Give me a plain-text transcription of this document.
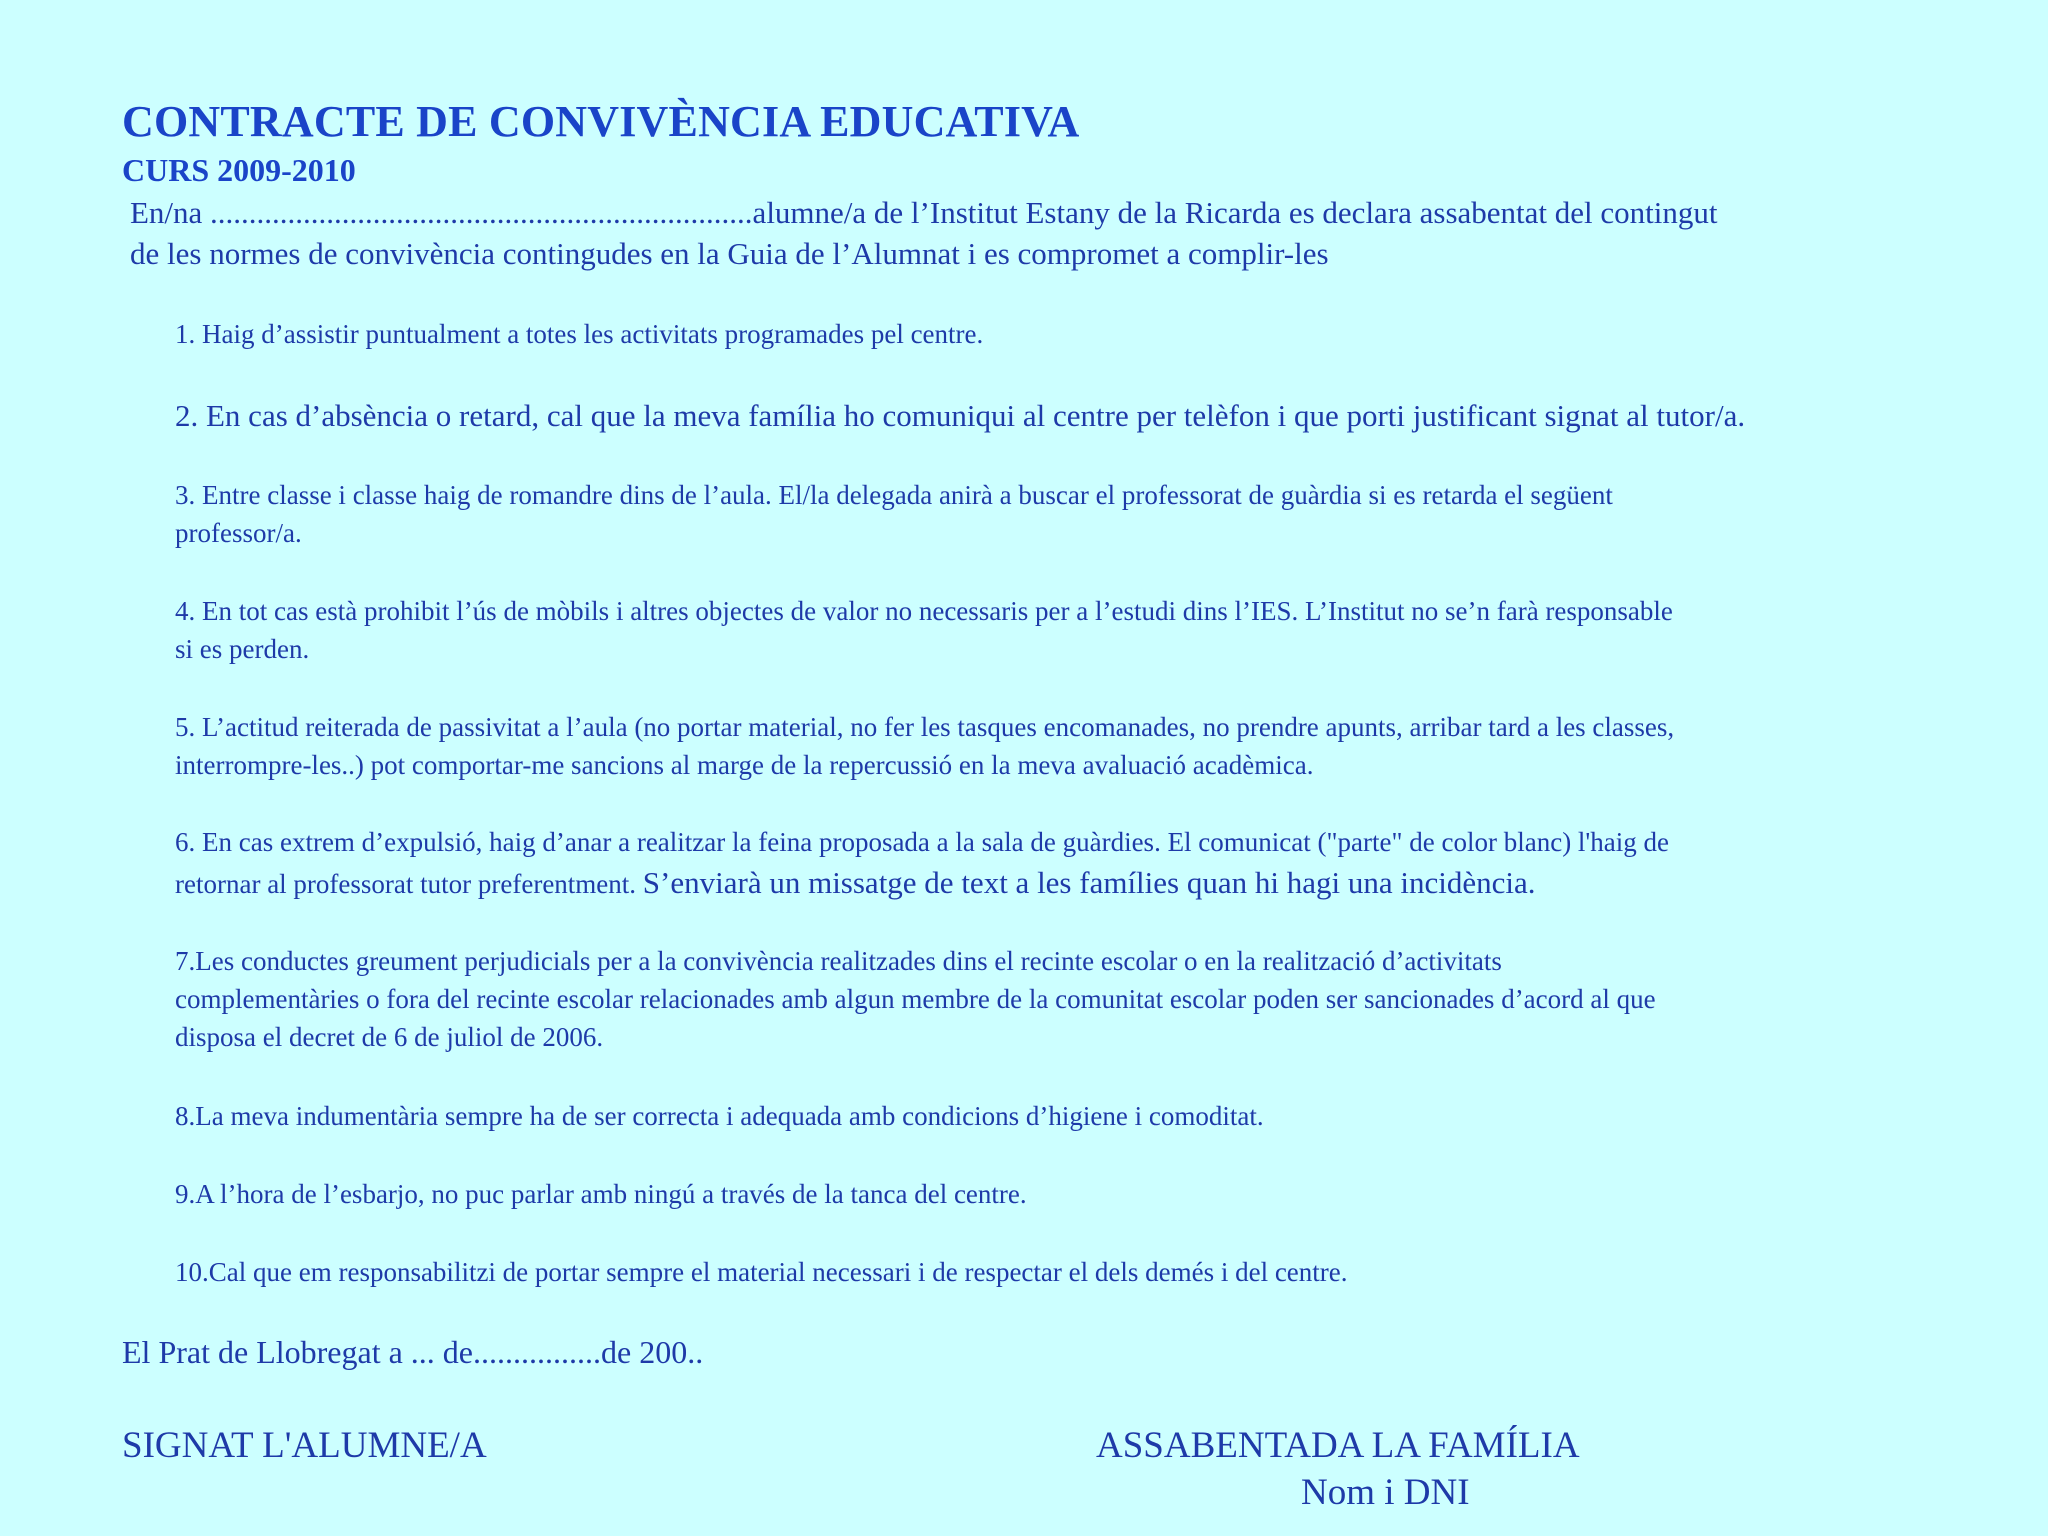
CONTRACTE DE CONVIVÈNCIA EDUCATIVA
CURS 2009-2010

En/na ......................................................................alumne/a de l’Institut Estany de la Ricarda es declara assabentat del contingut

de les normes de convivència contingudes en la Guia de l’Alumnat i es compromet a complir-les

1. Haig d’assistir puntualment a totes les activitats programades pel centre.

2. En cas d’absència o retard, cal que la meva família ho comuniqui al centre per telèfon i que porti justificant signat al tutor/a.

3. Entre classe i classe haig de romandre dins de l’aula. El/la delegada anirà a buscar el professorat de guàrdia si es retarda el següent

professor/a.

4. En tot cas està prohibit l’ús de mòbils i altres objectes de valor no necessaris per a l’estudi dins l’IES. L’Institut no se’n farà responsable

si es perden.

5. L’actitud reiterada de passivitat a l’aula (no portar material, no fer les tasques encomanades, no prendre apunts, arribar tard a les classes,

interrompre-les..) pot comportar-me sancions al marge de la repercussió en la meva avaluació acadèmica.

6. En cas extrem d’expulsió, haig d’anar a realitzar la feina proposada a la sala de guàrdies. El comunicat ("parte" de color blanc) l'haig de

retornar al professorat tutor preferentment. S’enviarà un missatge de text a les famílies quan hi hagi una incidència.

7.Les conductes greument perjudicials per a la convivència realitzades dins el recinte escolar o en la realització d’activitats

complementàries o fora del recinte escolar relacionades amb algun membre de la comunitat escolar poden ser sancionades d’acord al que

disposa el decret de 6 de juliol de 2006.

8.La meva indumentària sempre ha de ser correcta i adequada amb condicions d’higiene i comoditat.

9.A l’hora de l’esbarjo, no puc parlar amb ningú a través de la tanca del centre.

10.Cal que em responsabilitzi de portar sempre el material necessari i de respectar el dels demés i del centre.

El Prat de Llobregat a ... de................de 200..

SIGNAT L'ALUMNE/A	ASSABENTADA LA FAMÍLIA

Nom i DNI
